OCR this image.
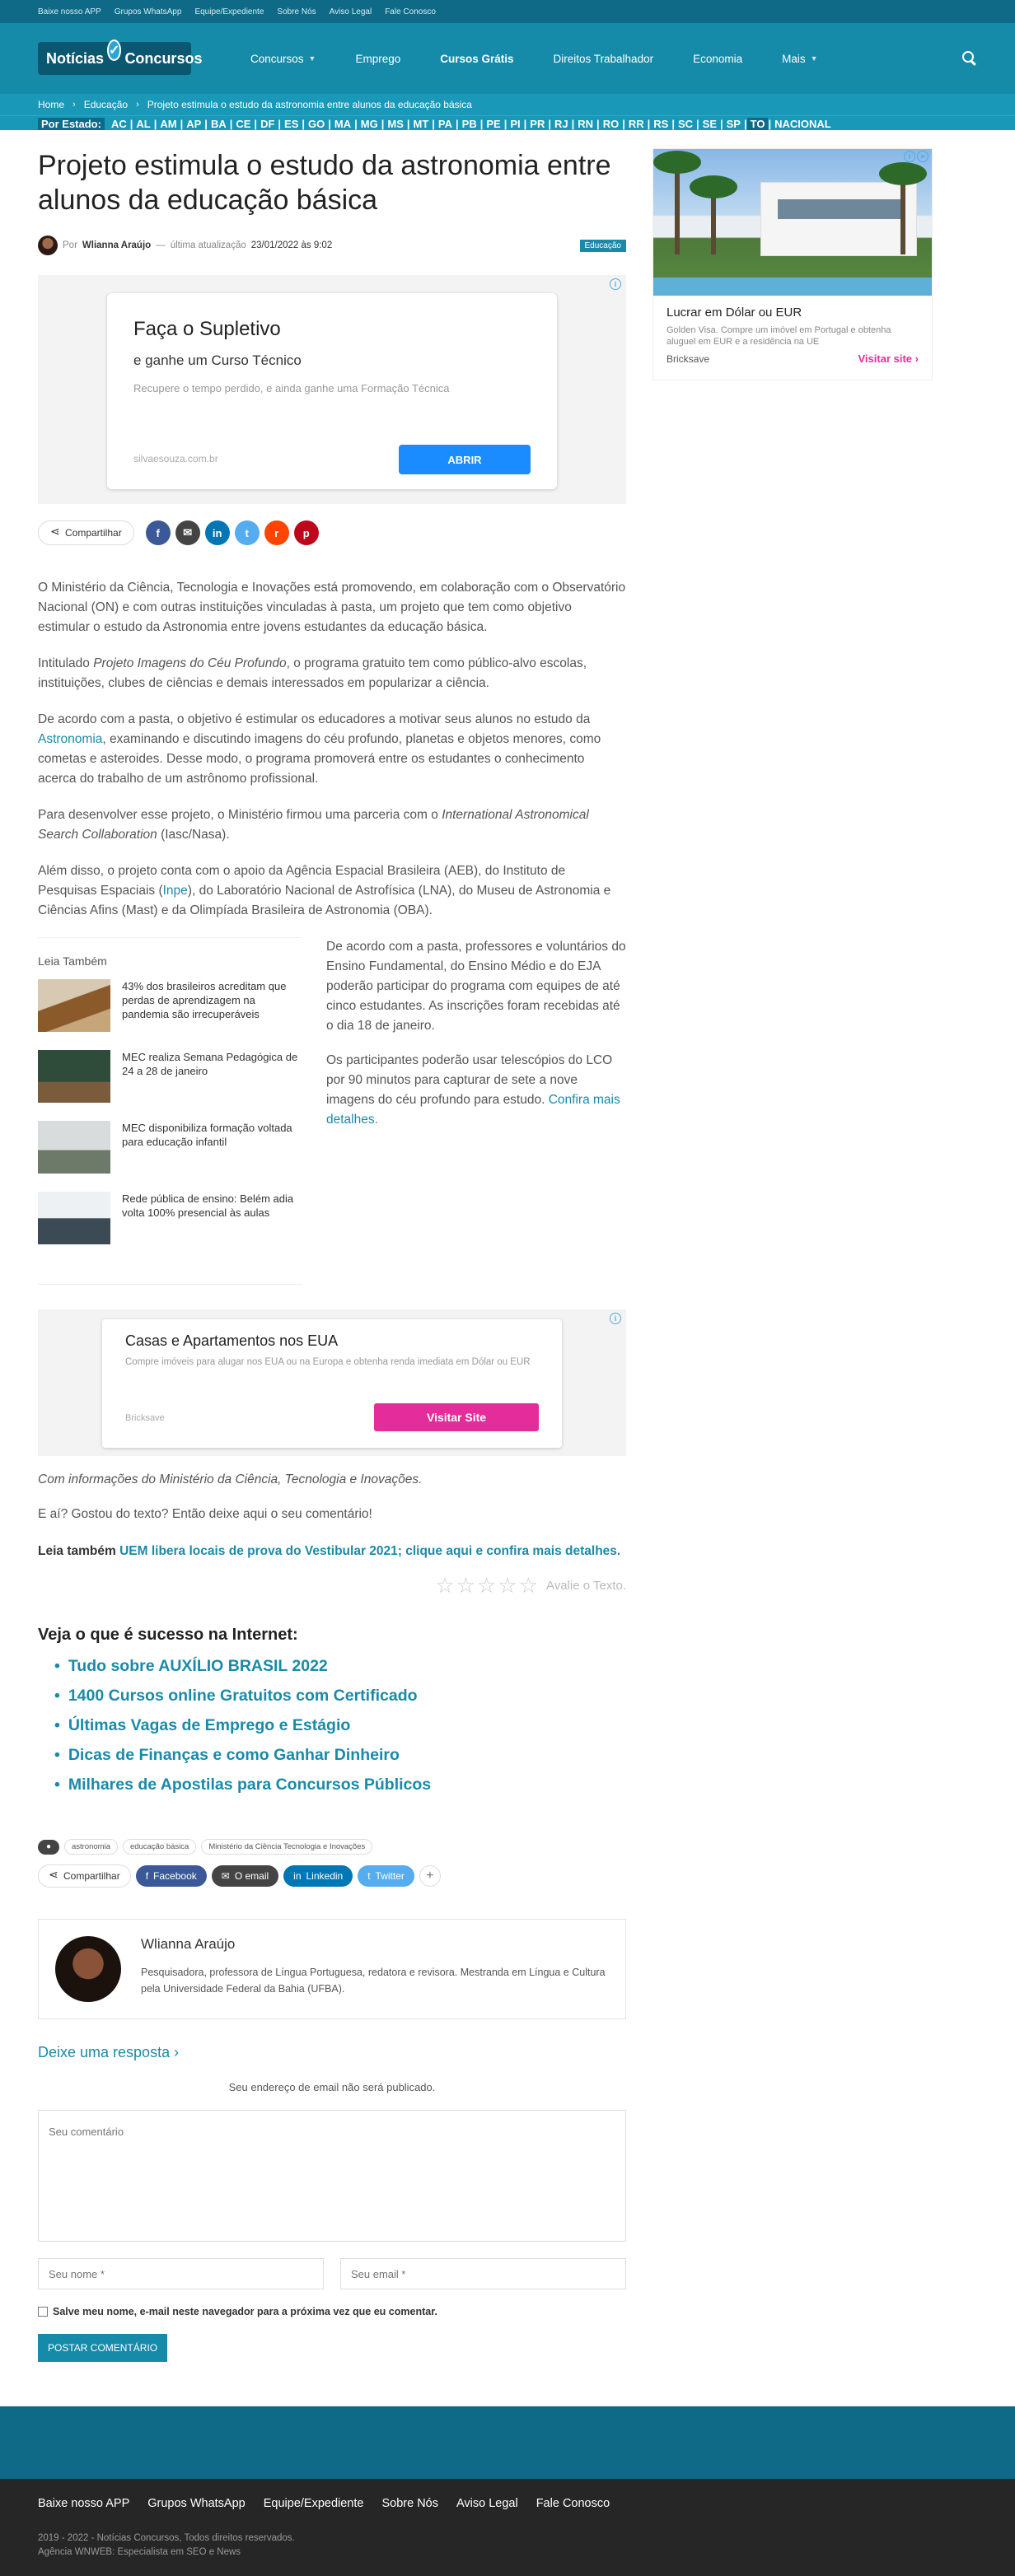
Baixe nosso APP Grupos WhatsApp Equipe/Expediente Sobre Nós Aviso Legal Fale Conosco
Notícias ✓ Concursos	Concursos ▼	Emprego	Cursos Grátis	Direitos Trabalhador	Economia	Mais ▼
Home › Educação › Projeto estimula o estudo da astronomia entre alunos da educação básica
Por Estado: AC | AL | AM | AP | BA | CE | DF | ES | GO | MA | MG | MS | MT | PA | PB | PE | PI | PR | RJ | RN | RO | RR | RS | SC | SE | SP | TO | NACIONAL
Projeto estimula o estudo da astronomia entre alunos da educação básica
Por Wlianna Araújo — última atualização 23/01/2022 às 9:02	Educação
i
Faça o Supletivo
e ganhe um Curso Técnico
Recupere o tempo perdido, e ainda ganhe uma Formação Técnica
silvaesouza.com.br	ABRIR
⋖
Compartilhar	f	✉	in	t	r	p

O Ministério da Ciência, Tecnologia e Inovações está promovendo, em colaboração com o Observatório Nacional (ON) e com outras instituições vinculadas à pasta, um projeto que tem como objetivo estimular o estudo da Astronomia entre jovens estudantes da educação básica.

Intitulado Projeto Imagens do Céu Profundo, o programa gratuito tem como público-alvo escolas, instituições, clubes de ciências e demais interessados em popularizar a ciência.

De acordo com a pasta, o objetivo é estimular os educadores a motivar seus alunos no estudo da Astronomia, examinando e discutindo imagens do céu profundo, planetas e objetos menores, como cometas e asteroides. Desse modo, o programa promoverá entre os estudantes o conhecimento acerca do trabalho de um astrônomo profissional.

Para desenvolver esse projeto, o Ministério firmou uma parceria com o International Astronomical Search Collaboration (Iasc/Nasa).

Além disso, o projeto conta com o apoio da Agência Espacial Brasileira (AEB), do Instituto de Pesquisas Espaciais (Inpe), do Laboratório Nacional de Astrofísica (LNA), do Museu de Astronomia e Ciências Afins (Mast) e da Olimpíada Brasileira de Astronomia (OBA).

Leia Também
43% dos brasileiros acreditam que perdas de aprendizagem na pandemia são irrecuperáveis
MEC realiza Semana Pedagógica de 24 a 28 de janeiro
MEC disponibiliza formação voltada para educação infantil
Rede pública de ensino: Belém adia volta 100% presencial às aulas

De acordo com a pasta, professores e voluntários do Ensino Fundamental, do Ensino Médio e do EJA poderão participar do programa com equipes de até cinco estudantes. As inscrições foram recebidas até o dia 18 de janeiro.

Os participantes poderão usar telescópios do LCO por 90 minutos para capturar de sete a nove imagens do céu profundo para estudo. Confira mais detalhes.

i
Casas e Apartamentos nos EUA
Compre imóveis para alugar nos EUA ou na Europa e obtenha renda imediata em Dólar ou EUR
Bricksave	Visitar Site

Com informações do Ministério da Ciência, Tecnologia e Inovações.

E aí? Gostou do texto? Então deixe aqui o seu comentário!

Leia também UEM libera locais de prova do Vestibular 2021; clique aqui e confira mais detalhes.

☆ ☆ ☆ ☆ ☆ Avalie o Texto.
Veja o que é sucesso na Internet:
• Tudo sobre AUXÍLIO BRASIL 2022
• 1400 Cursos online Gratuitos com Certificado
• Últimas Vagas de Emprego e Estágio
• Dicas de Finanças e como Ganhar Dinheiro
• Milhares de Apostilas para Concursos Públicos
●	astronomia	educação básica	Ministério da Ciência Tecnologia e Inovações
⋖
Compartilhar	f Facebook	✉ O email	in Linkedin	t Twitter	+
Wlianna Araújo
Pesquisadora, professora de Língua Portuguesa, redatora e revisora. Mestranda em Língua e Cultura pela Universidade Federal da Bahia (UFBA).
Deixe uma resposta ›

Seu endereço de email não será publicado.

Seu comentário
Seu nome *
Seu email *
Salve meu nome, e-mail neste navegador para a próxima vez que eu comentar.
POSTAR COMENTÁRIO
i	×
Lucrar em Dólar ou EUR
Golden Visa. Compre um imóvel em Portugal e obtenha aluguel em EUR e a residência na UE
Bricksave	Visitar site ›
Baixe nosso APP Grupos WhatsApp Equipe/Expediente Sobre Nós Aviso Legal Fale Conosco
2019 - 2022 - Notícias Concursos, Todos direitos reservados.
Agência WNWEB: Especialista em SEO e News
